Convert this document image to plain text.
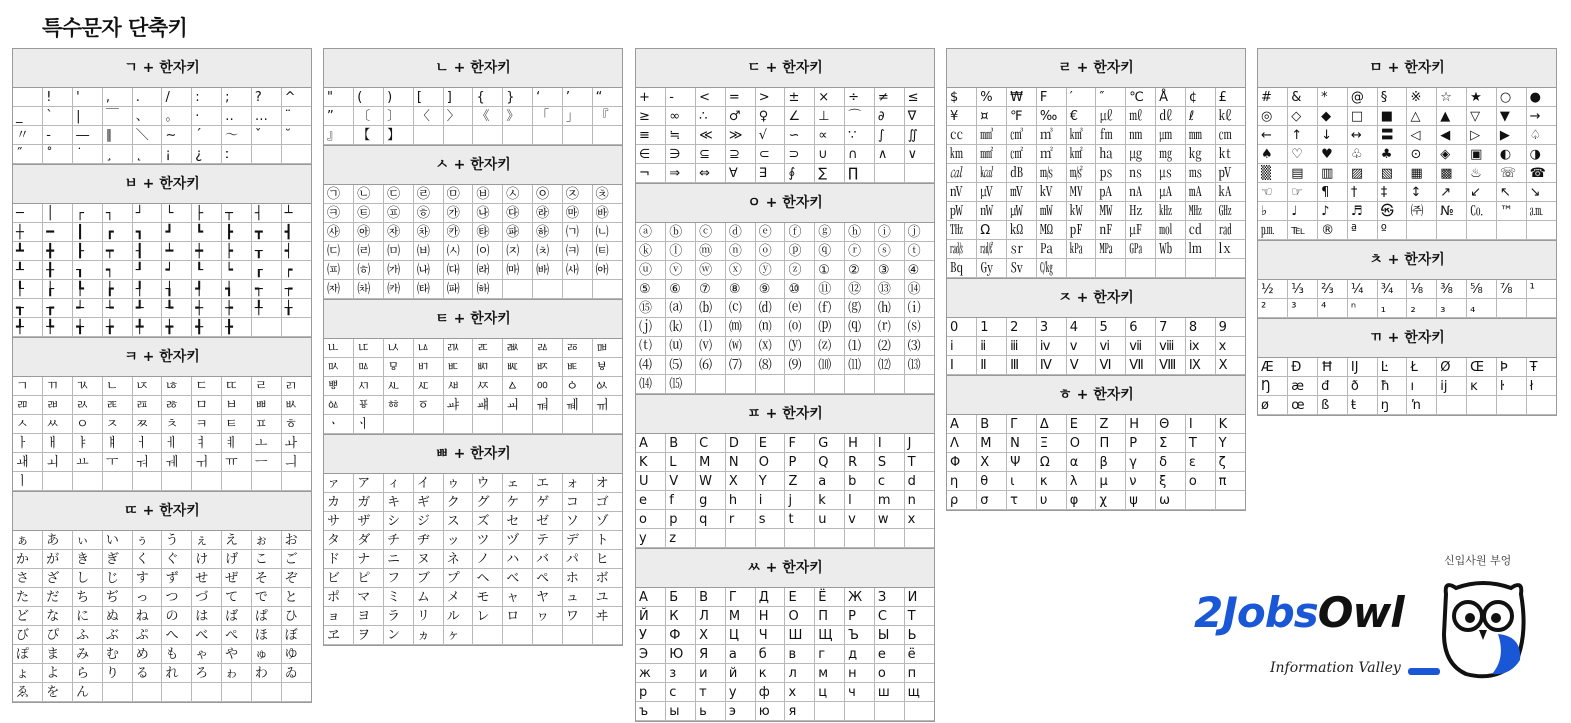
특수문자 단축키
ㄱ + 한자키
	!	'	,	.	/	:	;	?	^
_	`	|	￣	、	。	·	‥	…	¨
〃	-	―	∥	＼	∼	´	～	ˇ	˘
˝	˚	˙	¸	˛	¡	¿	ː		
ㅂ + 한자키
─	│	┌	┐	┘	└	├	┬	┤	┴
┼	━	┃	┏	┓	┛	┗	┣	┳	┫
┻	╋	┠	┯	┨	┷	┿	┝	┰	┥
┸	╂	┒	┑	┚	┙	┖	┕	┎	┍
┞	┟	┡	┢	┦	┧	┩	┪	┭	┮
┱	┲	┵	┶	┹	┺	┽	┾	╀	╁
╃	╄	╅	╆	╇	╈	╉	╊		
ㅋ + 한자키
ㄱ	ㄲ	ㄳ	ㄴ	ㄵ	ㄶ	ㄷ	ㄸ	ㄹ	ㄺ
ㄻ	ㄼ	ㄽ	ㄾ	ㄿ	ㅀ	ㅁ	ㅂ	ㅃ	ㅄ
ㅅ	ㅆ	ㅇ	ㅈ	ㅉ	ㅊ	ㅋ	ㅌ	ㅍ	ㅎ
ㅏ	ㅐ	ㅑ	ㅒ	ㅓ	ㅔ	ㅕ	ㅖ	ㅗ	ㅘ
ㅙ	ㅚ	ㅛ	ㅜ	ㅝ	ㅞ	ㅟ	ㅠ	ㅡ	ㅢ
ㅣ									
ㄸ + 한자키
ぁ	あ	ぃ	い	ぅ	う	ぇ	え	ぉ	お
か	が	き	ぎ	く	ぐ	け	げ	こ	ご
さ	ざ	し	じ	す	ず	せ	ぜ	そ	ぞ
た	だ	ち	ぢ	っ	つ	づ	て	で	と
ど	な	に	ぬ	ね	の	は	ば	ぱ	ひ
び	ぴ	ふ	ぶ	ぷ	へ	べ	ぺ	ほ	ぼ
ぽ	ま	み	む	め	も	ゃ	や	ゅ	ゆ
ょ	よ	ら	り	る	れ	ろ	ゎ	わ	ゐ
ゑ	を	ん							
ㄴ + 한자키
"	(	)	[	]	{	}	‘	’	“
”	〔	〕	〈	〉	《	》	「	」	『
』	【	】							
ㅅ + 한자키
㉠	㉡	㉢	㉣	㉤	㉥	㉦	㉧	㉨	㉩
㉪	㉫	㉬	㉭	㉮	㉯	㉰	㉱	㉲	㉳
㉴	㉵	㉶	㉷	㉸	㉹	㉺	㉻	㈀	㈁
㈂	㈃	㈄	㈅	㈆	㈇	㈈	㈉	㈊	㈋
㈌	㈍	㈎	㈏	㈐	㈑	㈒	㈓	㈔	㈕
㈖	㈗	㈘	㈙	㈚	㈛				
ㅌ + 한자키
ㅥ	ㅦ	ㅧ	ㅨ	ㅩ	ㅪ	ㅫ	ㅬ	ㅭ	ㅮ
ㅯ	ㅰ	ㅱ	ㅲ	ㅳ	ㅴ	ㅵ	ㅶ	ㅷ	ㅸ
ㅹ	ㅺ	ㅻ	ㅼ	ㅽ	ㅾ	ㅿ	ㆀ	ㆁ	ㆂ
ㆃ	ㆄ	ㆅ	ㆆ	ㆇ	ㆈ	ㆉ	ㆊ	ㆋ	ㆌ
ㆍ	ㆎ								
ㅃ + 한자키
ァ	ア	ィ	イ	ゥ	ウ	ェ	エ	ォ	オ
カ	ガ	キ	ギ	ク	グ	ケ	ゲ	コ	ゴ
サ	ザ	シ	ジ	ス	ズ	セ	ゼ	ソ	ゾ
タ	ダ	チ	ヂ	ッ	ツ	ヅ	テ	デ	ト
ド	ナ	ニ	ヌ	ネ	ノ	ハ	バ	パ	ヒ
ビ	ピ	フ	ブ	プ	ヘ	ベ	ペ	ホ	ボ
ポ	マ	ミ	ム	メ	モ	ャ	ヤ	ュ	ユ
ョ	ヨ	ラ	リ	ル	レ	ロ	ヮ	ワ	ヰ
ヱ	ヲ	ン	ヵ	ヶ					
ㄷ + 한자키
+	-	<	=	>	±	×	÷	≠	≤
≥	∞	∴	♂	♀	∠	⊥	⌒	∂	∇
≡	≒	≪	≫	√	∽	∝	∵	∫	∬
∈	∋	⊆	⊇	⊂	⊃	∪	∩	∧	∨
¬	⇒	⇔	∀	∃	∮	∑	∏		
ㅇ + 한자키
ⓐ	ⓑ	ⓒ	ⓓ	ⓔ	ⓕ	ⓖ	ⓗ	ⓘ	ⓙ
ⓚ	ⓛ	ⓜ	ⓝ	ⓞ	ⓟ	ⓠ	ⓡ	ⓢ	ⓣ
ⓤ	ⓥ	ⓦ	ⓧ	ⓨ	ⓩ	①	②	③	④
⑤	⑥	⑦	⑧	⑨	⑩	⑪	⑫	⑬	⑭
⑮	⒜	⒝	⒞	⒟	⒠	⒡	⒢	⒣	⒤
⒥	⒦	⒧	⒨	⒩	⒪	⒫	⒬	⒭	⒮
⒯	⒰	⒱	⒲	⒳	⒴	⒵	⑴	⑵	⑶
⑷	⑸	⑹	⑺	⑻	⑼	⑽	⑾	⑿	⒀
⒁	⒂								
ㅍ + 한자키
A	B	C	D	E	F	G	H	I	J
K	L	M	N	O	P	Q	R	S	T
U	V	W	X	Y	Z	a	b	c	d
e	f	g	h	i	j	k	l	m	n
o	p	q	r	s	t	u	v	w	x
y	z								
ㅆ + 한자키
А	Б	В	Г	Д	Е	Ё	Ж	З	И
Й	К	Л	М	Н	О	П	Р	С	Т
У	Ф	Х	Ц	Ч	Ш	Щ	Ъ	Ы	Ь
Э	Ю	Я	а	б	в	г	д	е	ё
ж	з	и	й	к	л	м	н	о	п
р	с	т	у	ф	х	ц	ч	ш	щ
ъ	ы	ь	э	ю	я				
ㄹ + 한자키
$	%	₩	F	′	″	℃	Å	¢	£
¥	¤	℉	‰	€	㎕	㎖	㎗	ℓ	㎘
㏄	㎣	㎤	㎥	㎦	㎙	㎚	㎛	㎜	㎝
㎞	㎟	㎠	㎡	㎢	㏊	㎍	㎎	㎏	㏏
㎈	㎉	㏈	㎧	㎨	㎰	㎱	㎲	㎳	㎴
㎵	㎶	㎷	㎸	㎹	㎀	㎁	㎂	㎃	㎄
㎺	㎻	㎼	㎽	㎾	㎿	㎐	㎑	㎒	㎓
㎔	Ω	㏀	㏁	㎊	㎋	㎌	㏖	㏅	㎭
㎮	㎯	㏛	㎩	㎪	㎫	㎬	㏝	㏐	㏓
㏃	㏉	㏜	㏆						
ㅈ + 한자키
0	1	2	3	4	5	6	7	8	9
ⅰ	ⅱ	ⅲ	ⅳ	ⅴ	ⅵ	ⅶ	ⅷ	ⅸ	ⅹ
Ⅰ	Ⅱ	Ⅲ	Ⅳ	Ⅴ	Ⅵ	Ⅶ	Ⅷ	Ⅸ	Ⅹ
ㅎ + 한자키
Α	Β	Γ	Δ	Ε	Ζ	Η	Θ	Ι	Κ
Λ	Μ	Ν	Ξ	Ο	Π	Ρ	Σ	Τ	Υ
Φ	Χ	Ψ	Ω	α	β	γ	δ	ε	ζ
η	θ	ι	κ	λ	μ	ν	ξ	ο	π
ρ	σ	τ	υ	φ	χ	ψ	ω		
ㅁ + 한자키
#	&	*	@	§	※	☆	★	○	●
◎	◇	◆	□	■	△	▲	▽	▼	→
←	↑	↓	↔	〓	◁	◀	▷	▶	♤
♠	♡	♥	♧	♣	⊙	◈	▣	◐	◑
▒	▤	▥	▨	▧	▦	▩	♨	☏	☎
☜	☞	¶	†	‡	↕	↗	↙	↖	↘
♭	♩	♪	♬	㉿	㈜	№	㏇	™	㏂
㏘	℡	®	ª	º					
ㅊ + 한자키
½	⅓	⅔	¼	¾	⅛	⅜	⅝	⅞	¹
²	³	⁴	ⁿ	₁	₂	₃	₄		
ㄲ + 한자키
Æ	Ð	Ħ	Ĳ	Ŀ	Ł	Ø	Œ	Þ	Ŧ
Ŋ	æ	đ	ð	ħ	ı	ĳ	ĸ	ŀ	ł
ø	œ	ß	ŧ	ŋ	ŉ				
신입사원 부엉
2JobsOwl
Information Valley
